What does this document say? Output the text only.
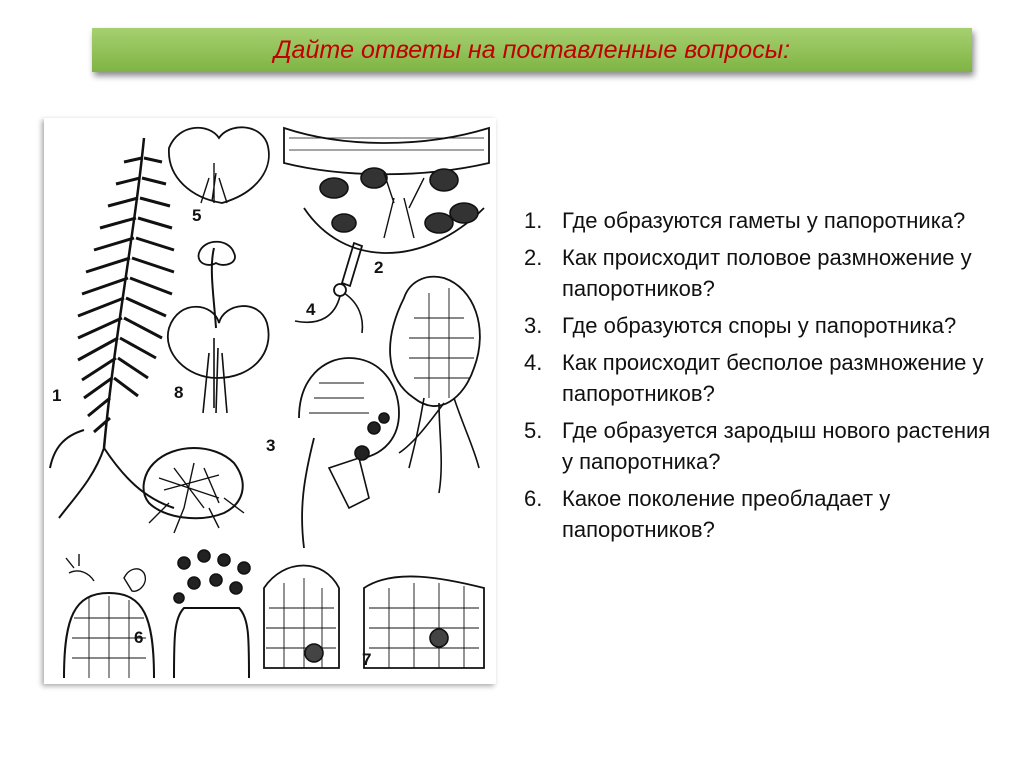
Дайте ответы на поставленные вопросы:
1
2
3
4
5
6
7
8
1. Где образуются гаметы у папоротника?
2. Как происходит половое размножение у папоротников?
3. Где образуются споры у папоротника?
4. Как происходит бесполое размножение у папоротников?
5. Где образуется зародыш нового растения у папоротника?
6. Какое поколение преобладает у папоротников?
